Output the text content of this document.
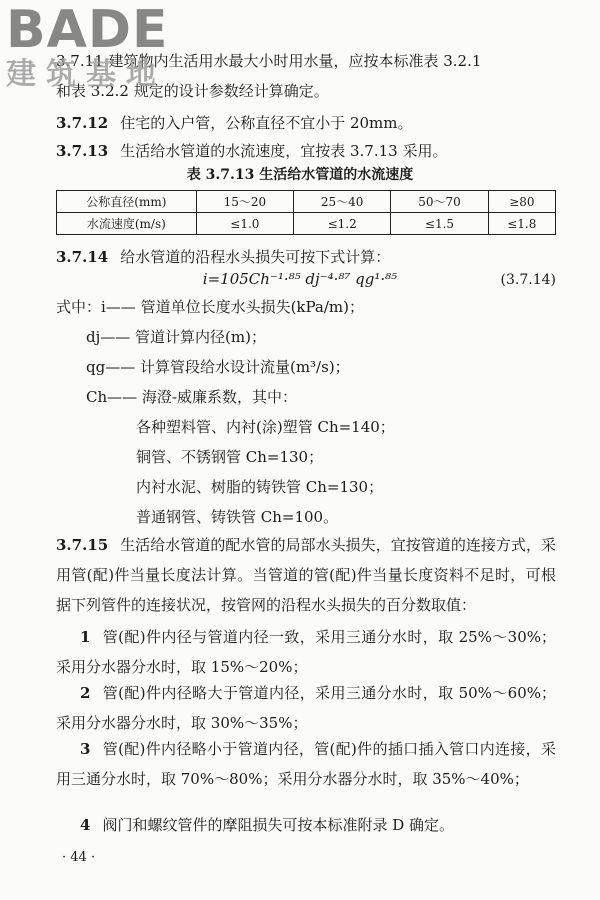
BADE
建筑基地
3.7.11 建筑物内生活用水最大小时用水量，应按本标准表 3.2.1
和表 3.2.2 规定的设计参数经计算确定。
3.7.12 住宅的入户管，公称直径不宜小于 20mm。
3.7.13 生活给水管道的水流速度，宜按表 3.7.13 采用。
表 3.7.13 生活给水管道的水流速度
公称直径(mm)	15～20	25～40	50～70	≥80
水流速度(m/s)	≤1.0	≤1.2	≤1.5	≤1.8
3.7.14 给水管道的沿程水头损失可按下式计算：
i=105Ch⁻¹·⁸⁵ dj⁻⁴·⁸⁷ qg¹·⁸⁵	(3.7.14)
式中：i—— 管道单位长度水头损失(kPa/m)；
dj—— 管道计算内径(m)；
qg—— 计算管段给水设计流量(m³/s)；
Ch—— 海澄-威廉系数，其中：
各种塑料管、内衬(涂)塑管 Ch=140；
铜管、不锈钢管 Ch=130；
内衬水泥、树脂的铸铁管 Ch=130；
普通钢管、铸铁管 Ch=100。
3.7.15 生活给水管道的配水管的局部水头损失，宜按管道的连接方式，采用管(配)件当量长度法计算。当管道的管(配)件当量长度资料不足时，可根据下列管件的连接状况，按管网的沿程水头损失的百分数取值：
1 管(配)件内径与管道内径一致，采用三通分水时，取 25%～30%；采用分水器分水时，取 15%～20%；
2 管(配)件内径略大于管道内径，采用三通分水时，取 50%～60%；采用分水器分水时，取 30%～35%；
3 管(配)件内径略小于管道内径，管(配)件的插口插入管口内连接，采用三通分水时，取 70%～80%；采用分水器分水时，取 35%～40%；
4 阀门和螺纹管件的摩阻损失可按本标准附录 D 确定。
· 44 ·
